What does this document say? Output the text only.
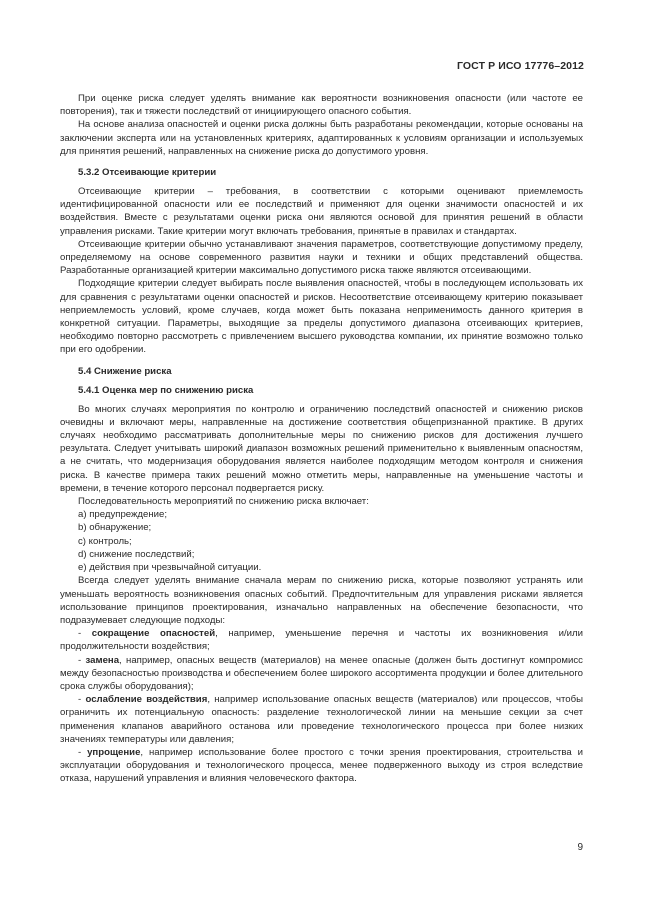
ГОСТ Р ИСО 17776–2012

При оценке риска следует уделять внимание как вероятности возникновения опасности (или частоте ее повторения), так и тяжести последствий от инициирующего опасного события.

На основе анализа опасностей и оценки риска должны быть разработаны рекомендации, которые основаны на заключении эксперта или на установленных критериях, адаптированных к условиям организации и используемых для принятия решений, направленных на снижение риска до допустимого уровня.

5.3.2 Отсеивающие критерии

Отсеивающие критерии – требования, в соответствии с которыми оценивают приемлемость идентифицированной опасности или ее последствий и применяют для оценки значимости опасностей и их воздействия. Вместе с результатами оценки риска они являются основой для принятия решений в области управления рисками. Такие критерии могут включать требования, принятые в правилах и стандартах.

Отсеивающие критерии обычно устанавливают значения параметров, соответствующие допустимому пределу, определяемому на основе современного развития науки и техники и общих представлений общества. Разработанные организацией критерии максимально допустимого риска также являются отсеивающими.

Подходящие критерии следует выбирать после выявления опасностей, чтобы в последующем использовать их для сравнения с результатами оценки опасностей и рисков. Несоответствие отсеивающему критерию показывает неприемлемость условий, кроме случаев, когда может быть показана неприменимость данного критерия в конкретной ситуации. Параметры, выходящие за пределы допустимого диапазона отсеивающих критериев, необходимо повторно рассмотреть с привлечением высшего руководства компании, их принятие возможно только при его одобрении.

5.4 Снижение риска
5.4.1 Оценка мер по снижению риска

Во многих случаях мероприятия по контролю и ограничению последствий опасностей и снижению рисков очевидны и включают меры, направленные на достижение соответствия общепризнанной практике. В других случаях необходимо рассматривать дополнительные меры по снижению рисков для достижения лучшего результата. Следует учитывать широкий диапазон возможных решений применительно к выявленным опасностям, а не считать, что модернизация оборудования является наиболее подходящим методом контроля и снижения риска. В качестве примера таких решений можно отметить меры, направленные на уменьшение частоты и времени, в течение которого персонал подвергается риску.

Последовательность мероприятий по снижению риска включает:

a) предупреждение;

b) обнаружение;

c) контроль;

d) снижение последствий;

e) действия при чрезвычайной ситуации.

Всегда следует уделять внимание сначала мерам по снижению риска, которые позволяют устранять или уменьшать вероятность возникновения опасных событий. Предпочтительным для управления рисками является использование принципов проектирования, изначально направленных на обеспечение безопасности, что подразумевает следующие подходы:

- сокращение опасностей, например, уменьшение перечня и частоты их возникновения и/или продолжительности воздействия;

- замена, например, опасных веществ (материалов) на менее опасные (должен быть достигнут компромисс между безопасностью производства и обеспечением более широкого ассортимента продукции и более длительного срока службы оборудования);

- ослабление воздействия, например использование опасных веществ (материалов) или процессов, чтобы ограничить их потенциальную опасность: разделение технологической линии на меньшие секции за счет применения клапанов аварийного останова или проведение технологического процесса при более низких значениях температуры или давления;

- упрощение, например использование более простого с точки зрения проектирования, строительства и эксплуатации оборудования и технологического процесса, менее подверженного выходу из строя вследствие отказа, нарушений управления и влияния человеческого фактора.

9
